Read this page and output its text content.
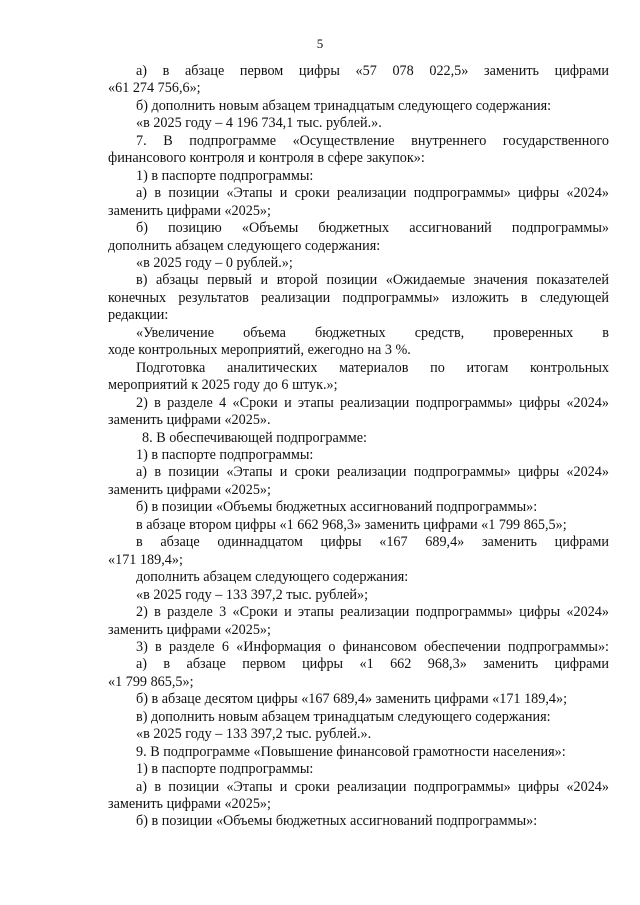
5

а) в абзаце первом цифры «57 078 022,5» заменить цифрами

«61 274 756,6»;

б) дополнить новым абзацем тринадцатым следующего содержания:

«в 2025 году – 4 196 734,1 тыс. рублей.».

7. В подпрограмме «Осуществление внутреннего государственного

финансового контроля и контроля в сфере закупок»:

1) в паспорте подпрограммы:

а) в позиции «Этапы и сроки реализации подпрограммы» цифры «2024»

заменить цифрами «2025»;

б) позицию «Объемы бюджетных ассигнований подпрограммы»

дополнить абзацем следующего содержания:

«в 2025 году – 0 рублей.»;

в) абзацы первый и второй позиции «Ожидаемые значения показателей

конечных результатов реализации подпрограммы» изложить в следующей

редакции:

«Увеличение объема бюджетных средств, проверенных в

ходе контрольных мероприятий, ежегодно на 3 %.

Подготовка аналитических материалов по итогам контрольных

мероприятий к 2025 году до 6 штук.»;

2) в разделе 4 «Сроки и этапы реализации подпрограммы» цифры «2024»

заменить цифрами «2025».

8. В обеспечивающей подпрограмме:

1) в паспорте подпрограммы:

а) в позиции «Этапы и сроки реализации подпрограммы» цифры «2024»

заменить цифрами «2025»;

б) в позиции «Объемы бюджетных ассигнований подпрограммы»:

в абзаце втором цифры «1 662 968,3» заменить цифрами «1 799 865,5»;

в абзаце одиннадцатом цифры «167 689,4» заменить цифрами

«171 189,4»;

дополнить абзацем следующего содержания:

«в 2025 году – 133 397,2 тыс. рублей»;

2) в разделе 3 «Сроки и этапы реализации подпрограммы» цифры «2024»

заменить цифрами «2025»;

3) в разделе 6 «Информация о финансовом обеспечении подпрограммы»:

а) в абзаце первом цифры «1 662 968,3» заменить цифрами

«1 799 865,5»;

б) в абзаце десятом цифры «167 689,4» заменить цифрами «171 189,4»;

в) дополнить новым абзацем тринадцатым следующего содержания:

«в 2025 году – 133 397,2 тыс. рублей.».

9. В подпрограмме «Повышение финансовой грамотности населения»:

1) в паспорте подпрограммы:

а) в позиции «Этапы и сроки реализации подпрограммы» цифры «2024»

заменить цифрами «2025»;

б) в позиции «Объемы бюджетных ассигнований подпрограммы»:
